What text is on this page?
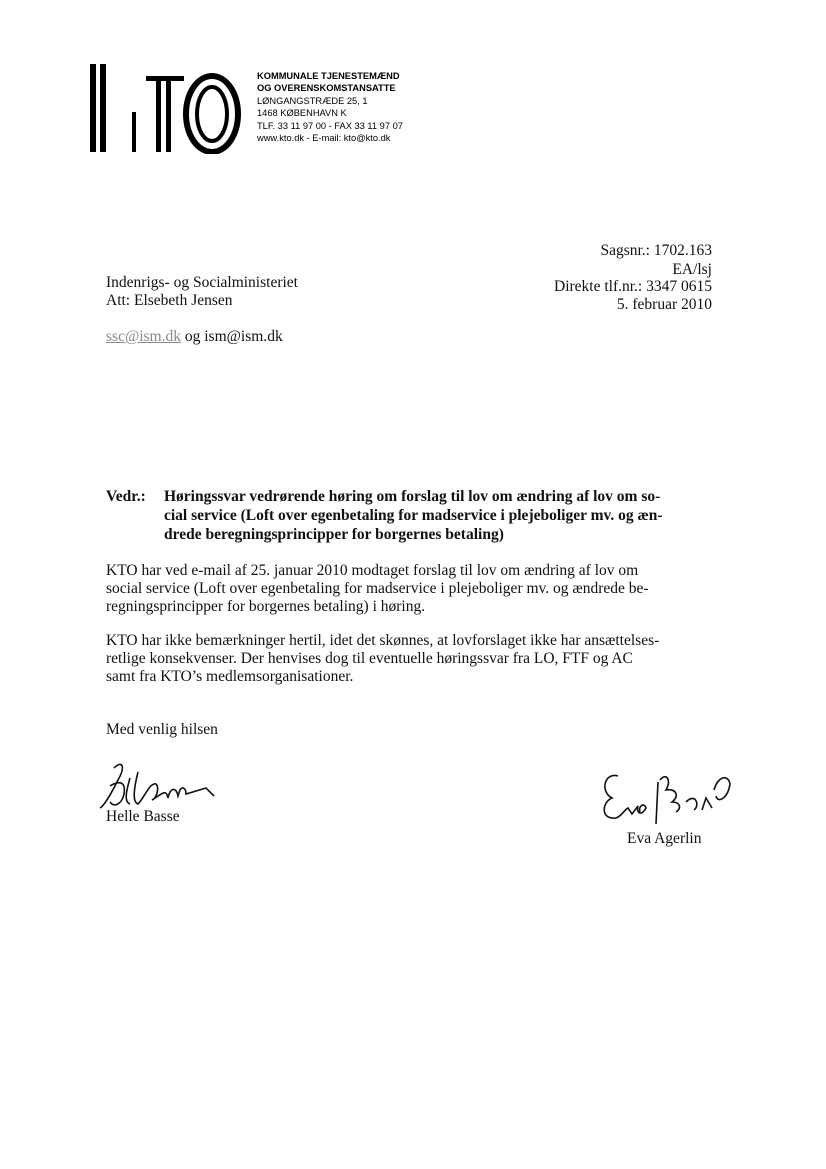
KOMMUNALE TJENESTEMÆND
OG OVERENSKOMSTANSATTE
LØNGANGSTRÆDE 25, 1
1468 KØBENHAVN K
TLF. 33 11 97 00 - FAX 33 11 97 07
www.kto.dk - E-mail: kto@kto.dk
Sagsnr.: 1702.163
EA/lsj
Direkte tlf.nr.: 3347 0615
5. februar 2010
Indenrigs- og Socialministeriet
Att: Elsebeth Jensen
ssc@ism.dk og ism@ism.dk
Vedr.: Høringssvar vedrørende høring om forslag til lov om ændring af lov om so-
cial service (Loft over egenbetaling for madservice i plejeboliger mv. og æn-
drede beregningsprincipper for borgernes betaling)
KTO har ved e-mail af 25. januar 2010 modtaget forslag til lov om ændring af lov om
social service (Loft over egenbetaling for madservice i plejeboliger mv. og ændrede be-
regningsprincipper for borgernes betaling) i høring.
KTO har ikke bemærkninger hertil, idet det skønnes, at lovforslaget ikke har ansættelses-
retlige konsekvenser. Der henvises dog til eventuelle høringssvar fra LO, FTF og AC
samt fra KTO’s medlemsorganisationer.
Med venlig hilsen
Helle Basse
Eva Agerlin
